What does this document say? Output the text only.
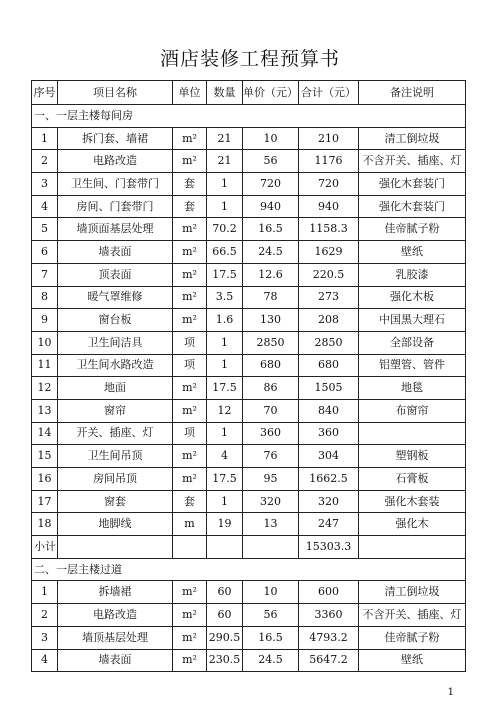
酒店装修工程预算书
序号	项目名称	单位	数量	单价（元）	合计（元）	备注说明
一、一层主楼每间房						
1	拆门套、墙裙	m²	21	10	210	清工倒垃圾
2	电路改造	m²	21	56	1176	不含开关、插座、灯
3	卫生间、门套带门	套	1	720	720	强化木套装门
4	房间、门套带门	套	1	940	940	强化木套装门
5	墙顶面基层处理	m²	70.2	16.5	1158.3	佳帝腻子粉
6	墙表面	m²	66.5	24.5	1629	壁纸
7	顶表面	m²	17.5	12.6	220.5	乳胶漆
8	暖气罩维修	m²	3.5	78	273	强化木板
9	窗台板	m²	1.6	130	208	中国黑大理石
10	卫生间洁具	项	1	2850	2850	全部设备
11	卫生间水路改造	项	1	680	680	铝塑管、管件
12	地面	m²	17.5	86	1505	地毯
13	窗帘	m²	12	70	840	布窗帘
14	开关、插座、灯	项	1	360	360	
15	卫生间吊顶	m²	4	76	304	塑钢板
16	房间吊顶	m²	17.5	95	1662.5	石膏板
17	窗套	套	1	320	320	强化木套装
18	地脚线	m	19	13	247	强化木
小计					15303.3	
二、一层主楼过道						
1	拆墙裙	m²	60	10	600	清工倒垃圾
2	电路改造	m²	60	56	3360	不含开关、插座、灯
3	墙顶基层处理	m²	290.5	16.5	4793.2	佳帝腻子粉
4	墙表面	m²	230.5	24.5	5647.2	壁纸
1
